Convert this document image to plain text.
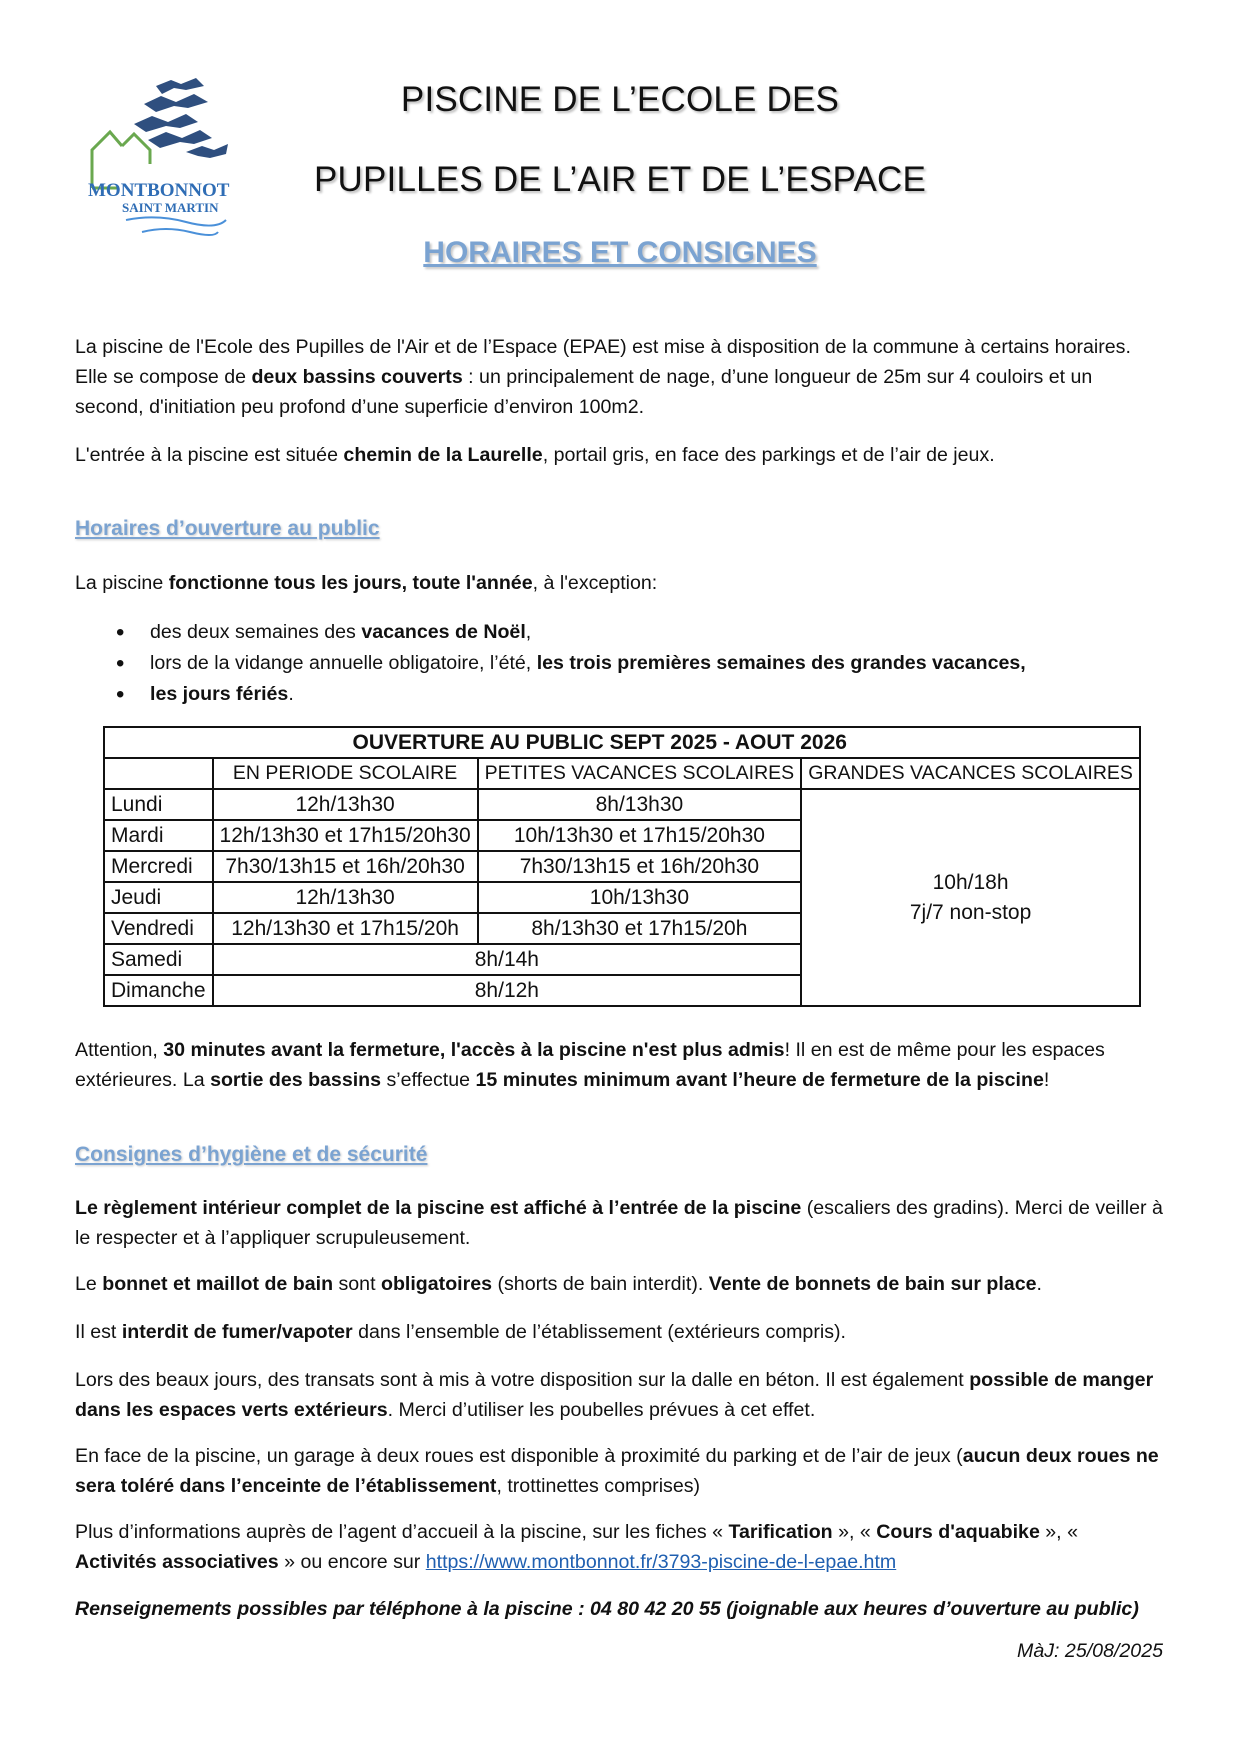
MONTBONNOT
SAINT MARTIN
PISCINE DE L’ECOLE DES
PUPILLES DE L’AIR ET DE L’ESPACE
HORAIRES ET CONSIGNES
La piscine de l'Ecole des Pupilles de l'Air et de l’Espace (EPAE) est mise à disposition de la commune à certains horaires. Elle se compose de deux bassins couverts : un principalement de nage, d’une longueur de 25m sur 4 couloirs et un second, d'initiation peu profond d’une superficie d’environ 100m2.
L'entrée à la piscine est située chemin de la Laurelle, portail gris, en face des parkings et de l’air de jeux.
Horaires d’ouverture au public
La piscine fonctionne tous les jours, toute l'année, à l'exception:
• des deux semaines des vacances de Noël,
• lors de la vidange annuelle obligatoire, l’été, les trois premières semaines des grandes vacances,
• les jours fériés.
	OUVERTURE AU PUBLIC SEPT 2025 - AOUT 2026		
	EN PERIODE SCOLAIRE	PETITES VACANCES SCOLAIRES	GRANDES VACANCES SCOLAIRES
Lundi	12h/13h30	8h/13h30	10h/18h
7j/7 non-stop

Mardi	12h/13h30 et 17h15/20h30	10h/13h30 et 17h15/20h30	
Mercredi	7h30/13h15 et 16h/20h30	7h30/13h15 et 16h/20h30	
Jeudi	12h/13h30	10h/13h30	
Vendredi	12h/13h30 et 17h15/20h	8h/13h30 et 17h15/20h	
Samedi	8h/14h		
Dimanche	8h/12h		
Attention, 30 minutes avant la fermeture, l'accès à la piscine n'est plus admis! Il en est de même pour les espaces extérieures. La sortie des bassins s’effectue 15 minutes minimum avant l’heure de fermeture de la piscine!
Consignes d’hygiène et de sécurité
Le règlement intérieur complet de la piscine est affiché à l’entrée de la piscine (escaliers des gradins). Merci de veiller à le respecter et à l’appliquer scrupuleusement.
Le bonnet et maillot de bain sont obligatoires (shorts de bain interdit). Vente de bonnets de bain sur place.
Il est interdit de fumer/vapoter dans l’ensemble de l’établissement (extérieurs compris).
Lors des beaux jours, des transats sont à mis à votre disposition sur la dalle en béton. Il est également possible de manger dans les espaces verts extérieurs. Merci d’utiliser les poubelles prévues à cet effet.
En face de la piscine, un garage à deux roues est disponible à proximité du parking et de l’air de jeux (aucun deux roues ne sera toléré dans l’enceinte de l’établissement, trottinettes comprises)
Plus d’informations auprès de l’agent d’accueil à la piscine, sur les fiches « Tarification », « Cours d'aquabike », « Activités associatives » ou encore sur https://www.montbonnot.fr/3793-piscine-de-l-epae.htm
Renseignements possibles par téléphone à la piscine : 04 80 42 20 55 (joignable aux heures d’ouverture au public)
MàJ: 25/08/2025
